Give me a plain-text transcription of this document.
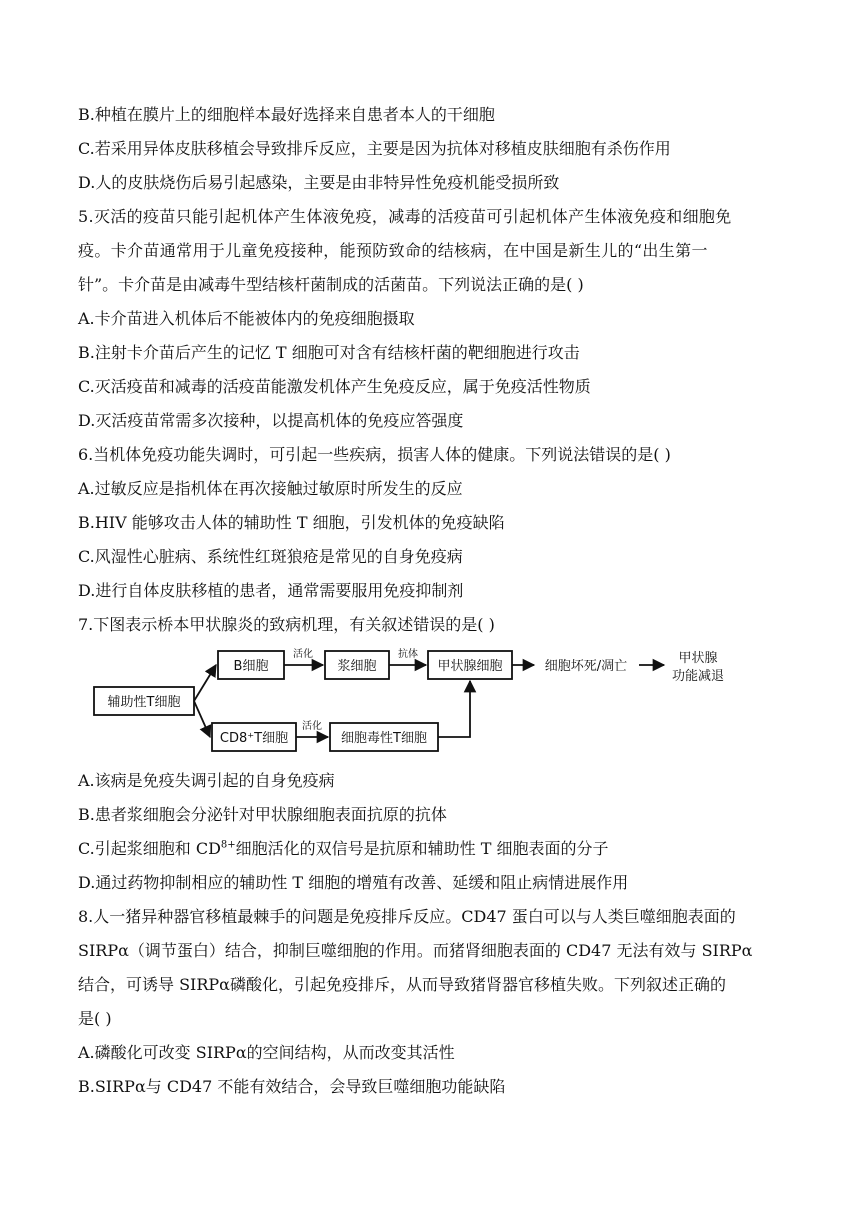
B.种植在膜片上的细胞样本最好选择来自患者本人的干细胞
C.若采用异体皮肤移植会导致排斥反应，主要是因为抗体对移植皮肤细胞有杀伤作用
D.人的皮肤烧伤后易引起感染，主要是由非特异性免疫机能受损所致
5.灭活的疫苗只能引起机体产生体液免疫，减毒的活疫苗可引起机体产生体液免疫和细胞免
疫。卡介苗通常用于儿童免疫接种，能预防致命的结核病，在中国是新生儿的“出生第一
针”。卡介苗是由减毒牛型结核杆菌制成的活菌苗。下列说法正确的是( )
A.卡介苗进入机体后不能被体内的免疫细胞摄取
B.注射卡介苗后产生的记忆 T 细胞可对含有结核杆菌的靶细胞进行攻击
C.灭活疫苗和减毒的活疫苗能激发机体产生免疫反应，属于免疫活性物质
D.灭活疫苗常需多次接种，以提高机体的免疫应答强度
6.当机体免疫功能失调时，可引起一些疾病，损害人体的健康。下列说法错误的是( )
A.过敏反应是指机体在再次接触过敏原时所发生的反应
B.HIV 能够攻击人体的辅助性 T 细胞，引发机体的免疫缺陷
C.风湿性心脏病、系统性红斑狼疮是常见的自身免疫病
D.进行自体皮肤移植的患者，通常需要服用免疫抑制剂
7.下图表示桥本甲状腺炎的致病机理，有关叙述错误的是( )
辅助性T细胞
B细胞	浆细胞	甲状腺细胞	细胞坏死/凋亡
甲状腺
功能减退
CD8⁺T细胞	细胞毒性T细胞
活化	抗体
活化
A.该病是免疫失调引起的自身免疫病
B.患者浆细胞会分泌针对甲状腺细胞表面抗原的抗体
C.引起浆细胞和 $CD^{8+}$细胞活化的双信号是抗原和辅助性 T 细胞表面的分子
D.通过药物抑制相应的辅助性 T 细胞的增殖有改善、延缓和阻止病情进展作用
8.人一猪异种器官移植最棘手的问题是免疫排斥反应。CD47 蛋白可以与人类巨噬细胞表面的
SIRPα（调节蛋白）结合，抑制巨噬细胞的作用。而猪肾细胞表面的 CD47 无法有效与 SIRPα
结合，可诱导 SIRPα磷酸化，引起免疫排斥，从而导致猪肾器官移植失败。下列叙述正确的
是( )
A.磷酸化可改变 SIRPα的空间结构，从而改变其活性
B.SIRPα与 CD47 不能有效结合，会导致巨噬细胞功能缺陷
